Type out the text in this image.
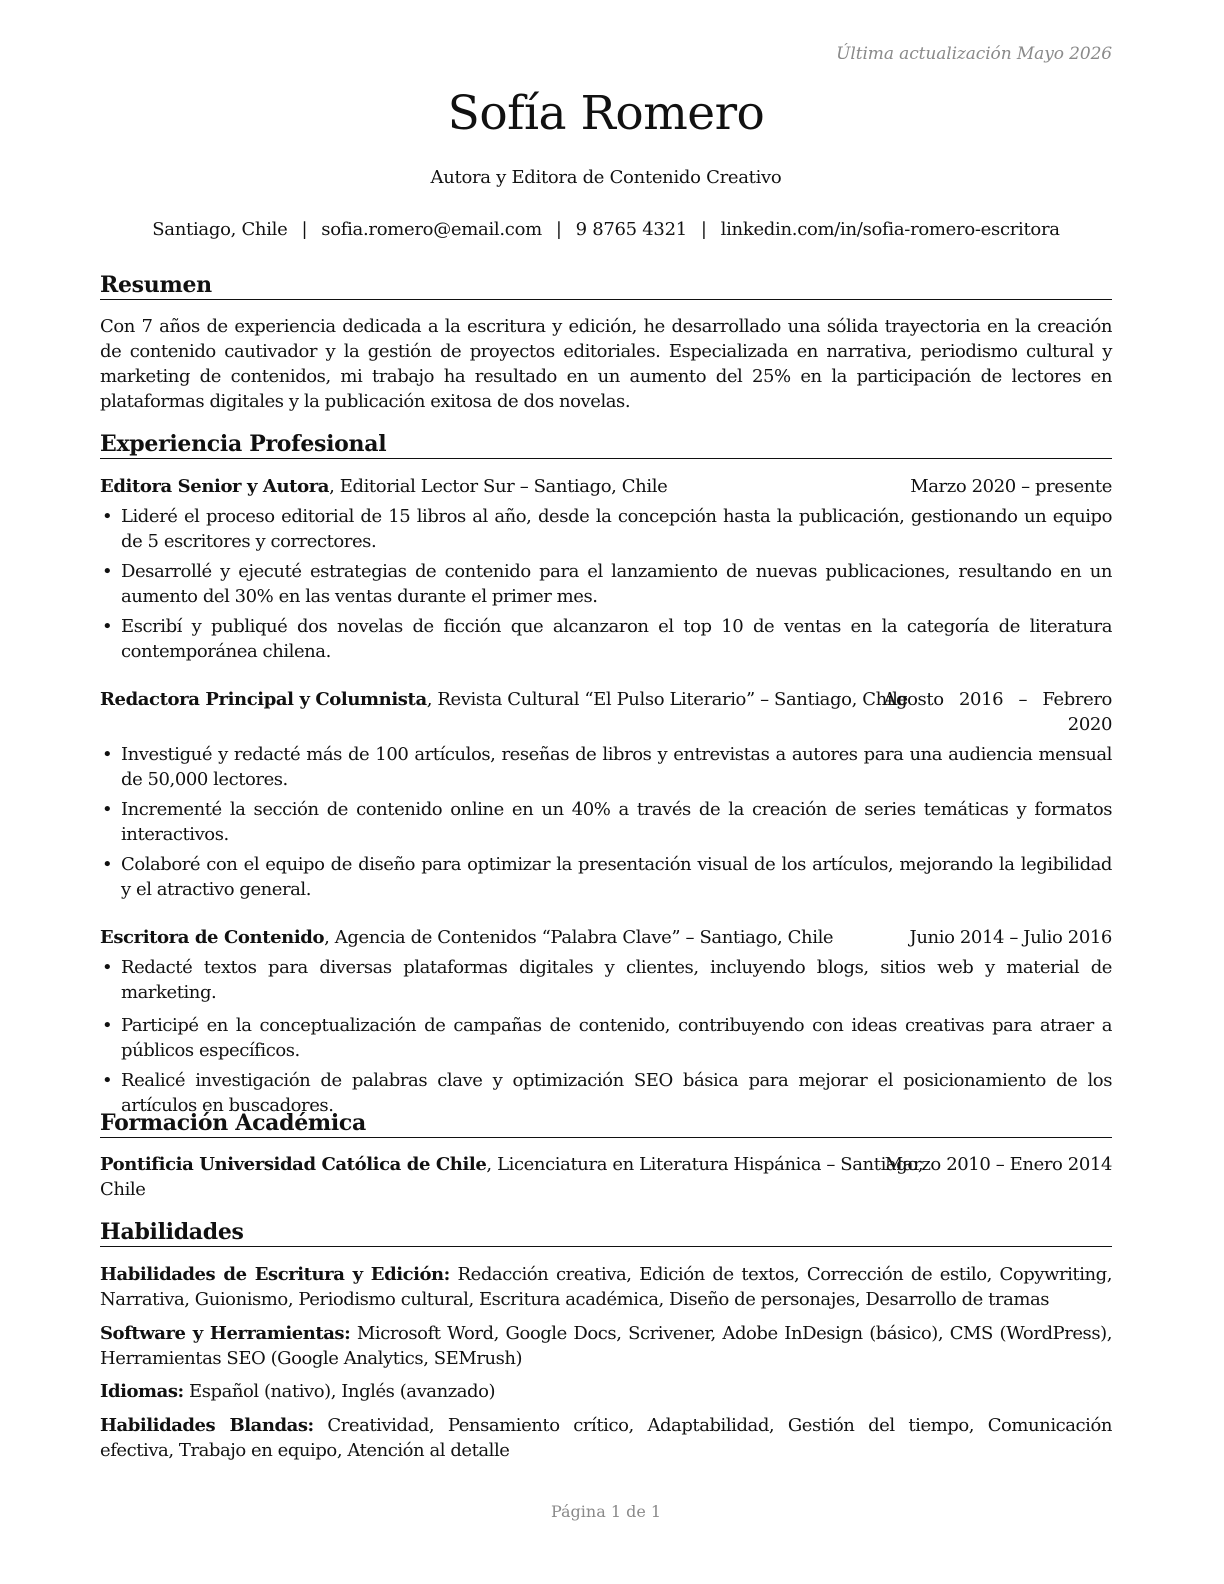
Última actualización Mayo 2026
Sofía Romero
Autora y Editora de Contenido Creativo
Santiago, Chile | sofia.romero@email.com | 9 8765 4321 | linkedin.com/in/sofia-romero-escritora
Resumen
Con 7 años de experiencia dedicada a la escritura y edición, he desarrollado una sólida trayectoria en la creación de contenido cautivador y la gestión de proyectos editoriales. Especializada en narrativa, periodismo cultural y marketing de contenidos, mi trabajo ha resultado en un aumento del 25% en la participación de lectores en plataformas digitales y la publicación exitosa de dos novelas.
Experiencia Profesional
Editora Senior y Autora, Editorial Lector Sur – Santiago, Chile	Marzo 2020 – presente
• Lideré el proceso editorial de 15 libros al año, desde la concepción hasta la publicación, gestionando un equipo de 5 escritores y correctores.
• Desarrollé y ejecuté estrategias de contenido para el lanzamiento de nuevas publicaciones, resultando en un aumento del 30% en las ventas durante el primer mes.
• Escribí y publiqué dos novelas de ficción que alcanzaron el top 10 de ventas en la categoría de literatura contemporánea chilena.
Redactora Principal y Columnista, Revista Cultural “El Pulso Literario” – Santiago, Chile
Agosto 2016 – Febrero
2020
• Investigué y redacté más de 100 artículos, reseñas de libros y entrevistas a autores para una audiencia mensual de 50,000 lectores.
• Incrementé la sección de contenido online en un 40% a través de la creación de series temáticas y formatos interactivos.
• Colaboré con el equipo de diseño para optimizar la presentación visual de los artículos, mejorando la legibilidad y el atractivo general.
Escritora de Contenido, Agencia de Contenidos “Palabra Clave” – Santiago, Chile	Junio 2014 – Julio 2016
• Redacté textos para diversas plataformas digitales y clientes, incluyendo blogs, sitios web y material de marketing.
• Participé en la conceptualización de campañas de contenido, contribuyendo con ideas creativas para atraer a públicos específicos.
• Realicé investigación de palabras clave y optimización SEO básica para mejorar el posicionamiento de los artículos en buscadores.
Formación Académica
Pontificia Universidad Católica de Chile, Licenciatura en Literatura Hispánica – Santiago,
Chile
Marzo 2010 – Enero 2014
Habilidades
Habilidades de Escritura y Edición: Redacción creativa, Edición de textos, Corrección de estilo, Copywriting, Narrativa, Guionismo, Periodismo cultural, Escritura académica, Diseño de personajes, Desarrollo de tramas
Software y Herramientas: Microsoft Word, Google Docs, Scrivener, Adobe InDesign (básico), CMS (WordPress), Herramientas SEO (Google Analytics, SEMrush)
Idiomas: Español (nativo), Inglés (avanzado)
Habilidades Blandas: Creatividad, Pensamiento crítico, Adaptabilidad, Gestión del tiempo, Comunicación efectiva, Trabajo en equipo, Atención al detalle
Página 1 de 1
